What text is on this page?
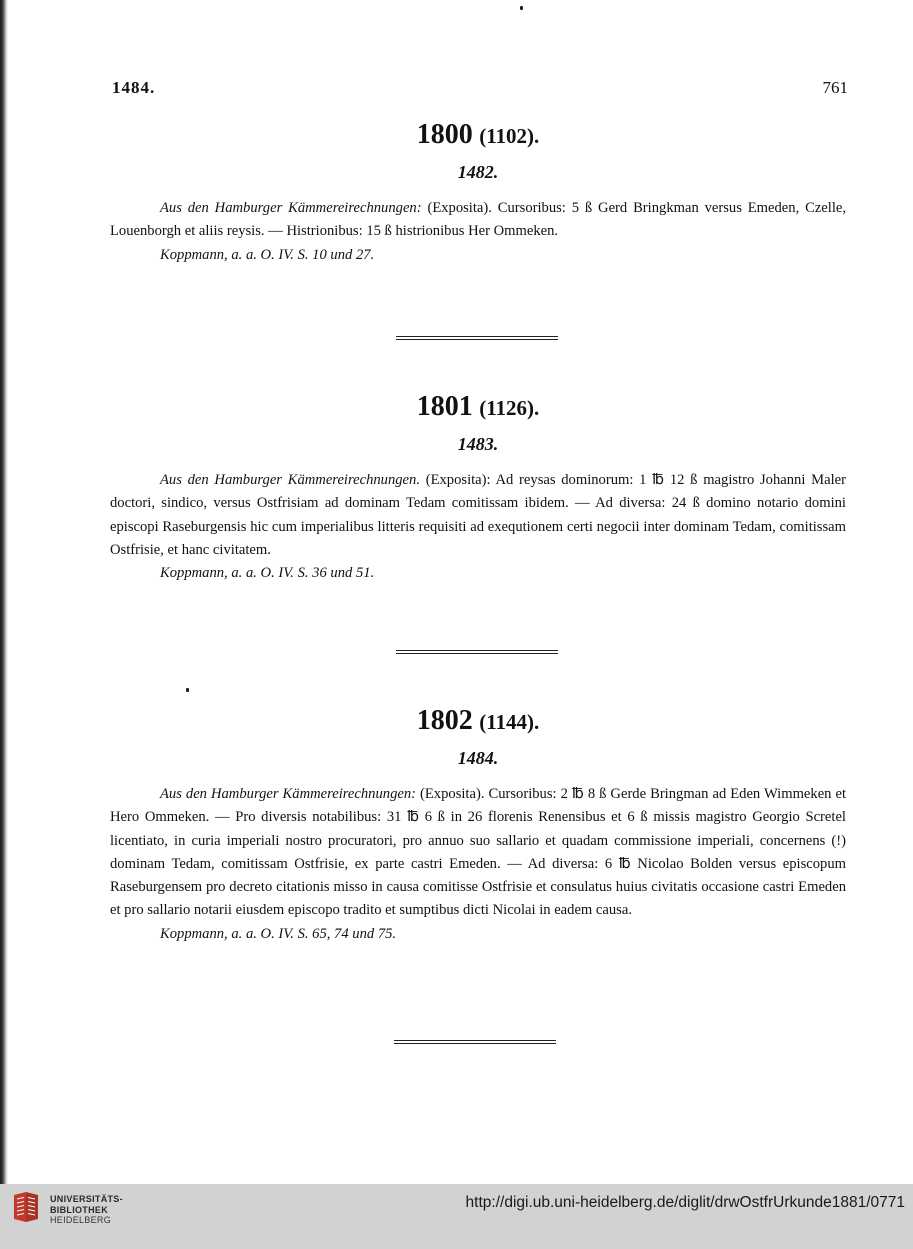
1484.	761
1800 (1102).
1482.
Aus den Hamburger Kämmereirechnungen: (Exposita). Cursoribus: 5 ß Gerd Bringkman versus Emeden, Czelle, Louenborgh et aliis reysis. — Histrionibus: 15 ß histrionibus Her Ommeken.
Koppmann, a. a. O. IV. S. 10 und 27.
1801 (1126).
1483.
Aus den Hamburger Kämmereirechnungen. (Exposita): Ad reysas dominorum: 1 ℔ 12 ß magistro Johanni Maler doctori, sindico, versus Ostfrisiam ad dominam Tedam comitissam ibidem. — Ad diversa: 24 ß domino notario domini episcopi Raseburgensis hic cum imperialibus litteris requisiti ad exequtionem certi negocii inter dominam Tedam, comitissam Ostfrisie, et hanc civitatem.
Koppmann, a. a. O. IV. S. 36 und 51.
1802 (1144).
1484.
Aus den Hamburger Kämmereirechnungen: (Exposita). Cursoribus: 2 ℔ 8 ß Gerde Bringman ad Eden Wimmeken et Hero Ommeken. — Pro diversis notabilibus: 31 ℔ 6 ß in 26 florenis Renensibus et 6 ß missis magistro Georgio Scretel licentiato, in curia imperiali nostro procuratori, pro annuo suo sallario et quadam commissione imperiali, concernens (!) dominam Tedam, comitissam Ostfrisie, ex parte castri Emeden. — Ad diversa: 6 ℔ Nicolao Bolden versus episcopum Raseburgensem pro decreto citationis misso in causa comitisse Ostfrisie et consulatus huius civitatis occasione castri Emeden et pro sallario notarii eiusdem episcopo tradito et sumptibus dicti Nicolai in eadem causa.
Koppmann, a. a. O. IV. S. 65, 74 und 75.
UNIVERSITÄTS-
BIBLIOTHEK
HEIDELBERG
http://digi.ub.uni-heidelberg.de/diglit/drwOstfrUrkunde1881/0771
